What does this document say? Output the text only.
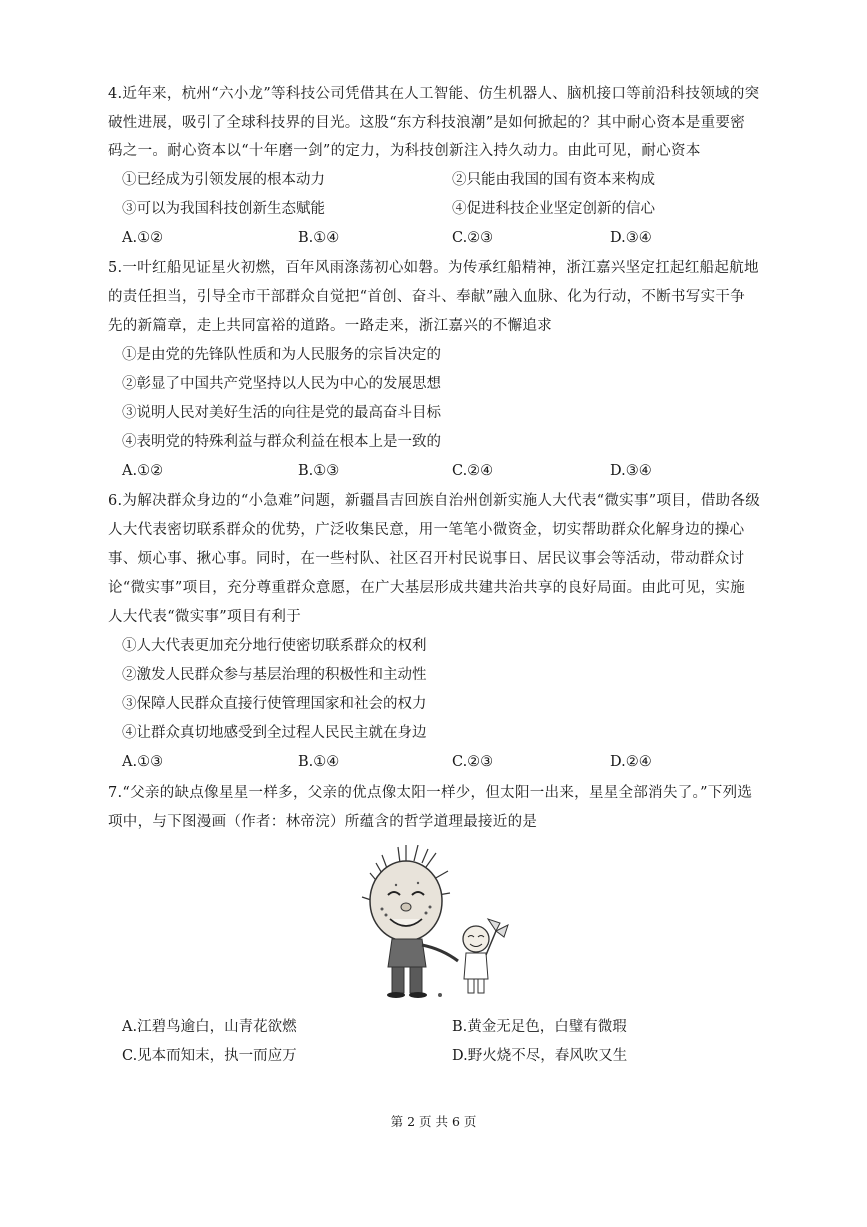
4.近年来，杭州“六小龙”等科技公司凭借其在人工智能、仿生机器人、脑机接口等前沿科技领域的突
破性进展，吸引了全球科技界的目光。这股“东方科技浪潮”是如何掀起的？其中耐心资本是重要密
码之一。耐心资本以“十年磨一剑”的定力，为科技创新注入持久动力。由此可见，耐心资本
①已经成为引领发展的根本动力	②只能由我国的国有资本来构成
③可以为我国科技创新生态赋能	④促进科技企业坚定创新的信心
A.①②	B.①④	C.②③	D.③④
5.一叶红船见证星火初燃，百年风雨涤荡初心如磐。为传承红船精神，浙江嘉兴坚定扛起红船起航地
的责任担当，引导全市干部群众自觉把“首创、奋斗、奉献”融入血脉、化为行动，不断书写实干争
先的新篇章，走上共同富裕的道路。一路走来，浙江嘉兴的不懈追求
①是由党的先锋队性质和为人民服务的宗旨决定的
②彰显了中国共产党坚持以人民为中心的发展思想
③说明人民对美好生活的向往是党的最高奋斗目标
④表明党的特殊利益与群众利益在根本上是一致的
A.①②	B.①③	C.②④	D.③④
6.为解决群众身边的“小急难”问题，新疆昌吉回族自治州创新实施人大代表“微实事”项目，借助各级
人大代表密切联系群众的优势，广泛收集民意，用一笔笔小微资金，切实帮助群众化解身边的操心
事、烦心事、揪心事。同时，在一些村队、社区召开村民说事日、居民议事会等活动，带动群众讨
论“微实事”项目，充分尊重群众意愿，在广大基层形成共建共治共享的良好局面。由此可见，实施
人大代表“微实事”项目有利于
①人大代表更加充分地行使密切联系群众的权利
②激发人民群众参与基层治理的积极性和主动性
③保障人民群众直接行使管理国家和社会的权力
④让群众真切地感受到全过程人民民主就在身边
A.①③	B.①④	C.②③	D.②④
7.“父亲的缺点像星星一样多，父亲的优点像太阳一样少，但太阳一出来，星星全部消失了。”下列选
项中，与下图漫画（作者：林帝浣）所蕴含的哲学道理最接近的是
A.江碧鸟逾白，山青花欲燃	B.黄金无足色，白璧有微瑕
C.见本而知末，执一而应万	D.野火烧不尽，春风吹又生
第 2 页 共 6 页
